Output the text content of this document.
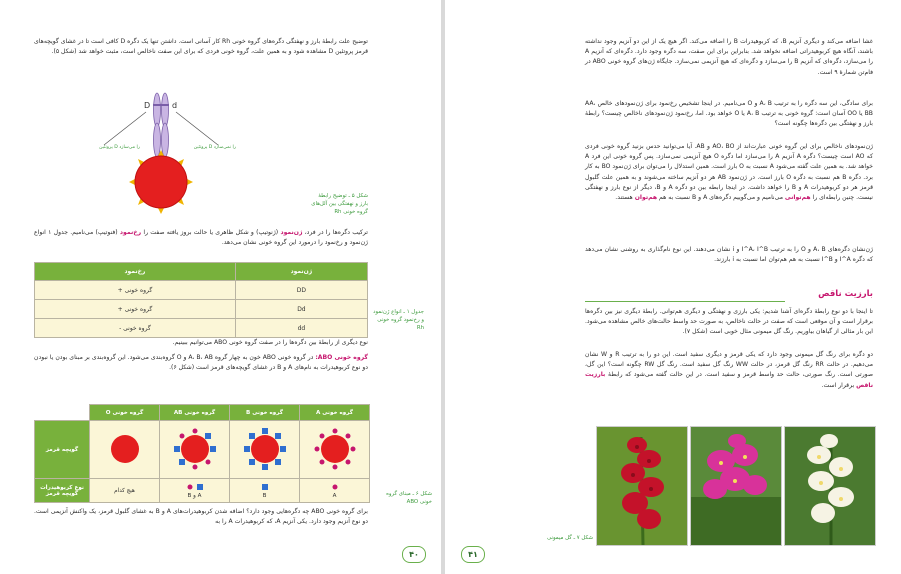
توضیح علت رابطهٔ بارز و نهفتگی دگره‌های گروه خونی Rh کار آسانی است. داشتن تنها یک دگره D کافی است تا در غشای گویچه‌های قرمز پروتئین D مشاهده شود و به همین علت، گروه خونی فردی که برای این صفت ناخالص است، مثبت خواهد شد (شکل ۵).

D	d
پروتئین D را می‌سازد	پروتئین D را نمی‌سازد

شکل ۵ ـ توضیح رابطهٔ بارز و نهفتگی بین آلل‌های گروه خونی Rh

ترکیب دگره‌ها را در فرد، ژن‌نمود (ژنوتیپ) و شکل ظاهری یا حالت بروز یافته صفت را رخ‌نمود (فنوتیپ) می‌نامیم. جدول ۱ انواع ژن‌نمود و رخ‌نمود را درمورد این گروه خونی نشان می‌دهد.

ژن‌نمود	رخ‌نمود
DD	گروه خونی +
Dd	گروه خونی +
dd	گروه خونی -

جدول ۱ ـ انواع ژن‌نمود و رخ‌نمود گروه خونی Rh

نوع دیگری از رابطهٔ بین دگره‌ها را در صفت گروه خونی ABO می‌توانیم ببینیم.

گروه خونی ABO: در گروه خونی ABO خون به چهار گروه A، B، AB و O گروه‌بندی می‌شود. این گروه‌بندی بر مبنای بودن یا نبودن دو نوع کربوهیدرات به نام‌های A و B در غشای گویچه‌های قرمز است (شکل ۶).

گروه خونی A	گروه خونی B	گروه خونی AB	گروه خونی O	
				گویچه قرمز

A	B	A و B	هیچ کدام	نوع کربوهیدرات گویچه قرمز	شکل ۶ ـ مبنای گروه خونی ABO

برای گروه خونی ABO چه دگره‌هایی وجود دارد؟ اضافه شدن کربوهیدرات‌های A و B به غشای گلبول قرمز، یک واکنش آنزیمی است. دو نوع آنزیم وجود دارد. یکی آنزیم A، که کربوهیدرات A را به

۴۰

غشا اضافه می‌کند و دیگری آنزیم B، که کربوهیدرات B را اضافه می‌کند. اگر هیچ یک از این دو آنزیم وجود نداشته باشند، آنگاه هیچ کربوهیدراتی اضافه نخواهد شد. بنابراین برای این صفت، سه دگره وجود دارد. دگره‌ای که آنزیم A را می‌سازد، دگره‌ای که آنزیم B را می‌سازد و دگره‌ای که هیچ آنزیمی نمی‌سازد. جایگاه ژن‌های گروه خونی ABO در فام‌تن شمارهٔ ۹ است.

برای سادگی، این سه دگره را به ترتیب A، B و O می‌نامیم. در اینجا تشخیص رخ‌نمود برای ژن‌نمودهای خالص AA، BB یا OO آسان است: گروه خونی به ترتیب A، B یا O خواهد بود. اما، رخ‌نمود ژن‌نمودهای ناخالص چیست؟ رابطهٔ بارز و نهفتگی بین دگره‌ها چگونه است؟

ژن‌نمودهای ناخالص برای این گروه خونی عبارت‌اند از AO، BO و AB. آیا می‌توانید حدس بزنید گروه خونی فردی که AO است چیست؟ دگره A آنزیم A را می‌سازد اما دگره O هیچ آنزیمی نمی‌سازد. پس گروه خونی این فرد A خواهد شد. به همین علت گفته می‌شود A نسبت به O بارز است. همین استدلال را می‌توان برای ژن‌نمود BO به کار برد. دگره B هم نسبت به دگره O بارز است. در ژن‌نمود AB هر دو آنزیم ساخته می‌شوند و به همین علت گلبول قرمز هر دو کربوهیدرات A و B را خواهد داشت. در اینجا رابطه بین دو دگره A و B، دیگر از نوع بارز و نهفتگی نیست. چنین رابطه‌ای را هم‌توانی می‌نامیم و می‌گوییم دگره‌های A و B نسبت به هم هم‌توان هستند.

ژن‌نشان دگره‌های A، B و O را به ترتیب I^A، I^B و i نشان می‌دهند. این نوع نام‌گذاری به روشنی نشان می‌دهد که دگره I^A و I^B نسبت به هم هم‌توان اما نسبت به i بارزند.

بارزیت ناقص

تا اینجا با دو نوع رابطهٔ دگره‌ای آشنا شدیم: یکی بارزی و نهفتگی و دیگری هم‌توانی. رابطهٔ دیگری نیز بین دگره‌ها برقرار است و آن موقعی است که صفت در حالت ناخالص، به صورت حد واسط حالت‌های خالص مشاهده می‌شود. این بار مثالی از گیاهان بیاوریم. رنگ گل میمونی مثال خوبی است (شکل ۷).

دو دگره برای رنگ گل میمونی وجود دارد که یکی قرمز و دیگری سفید است. این دو را به ترتیب R و W نشان می‌دهیم. در حالت RR رنگ گل قرمز، در حالت WW رنگ گل سفید است. رنگ گل RW چگونه است؟ این گل، صورتی است. رنگ صورتی، حالت حد واسط قرمز و سفید است. در این حالت گفته می‌شود که رابطهٔ بارزیت ناقص برقرار است.

شکل ۷ ـ گل میمونی

۴۱
